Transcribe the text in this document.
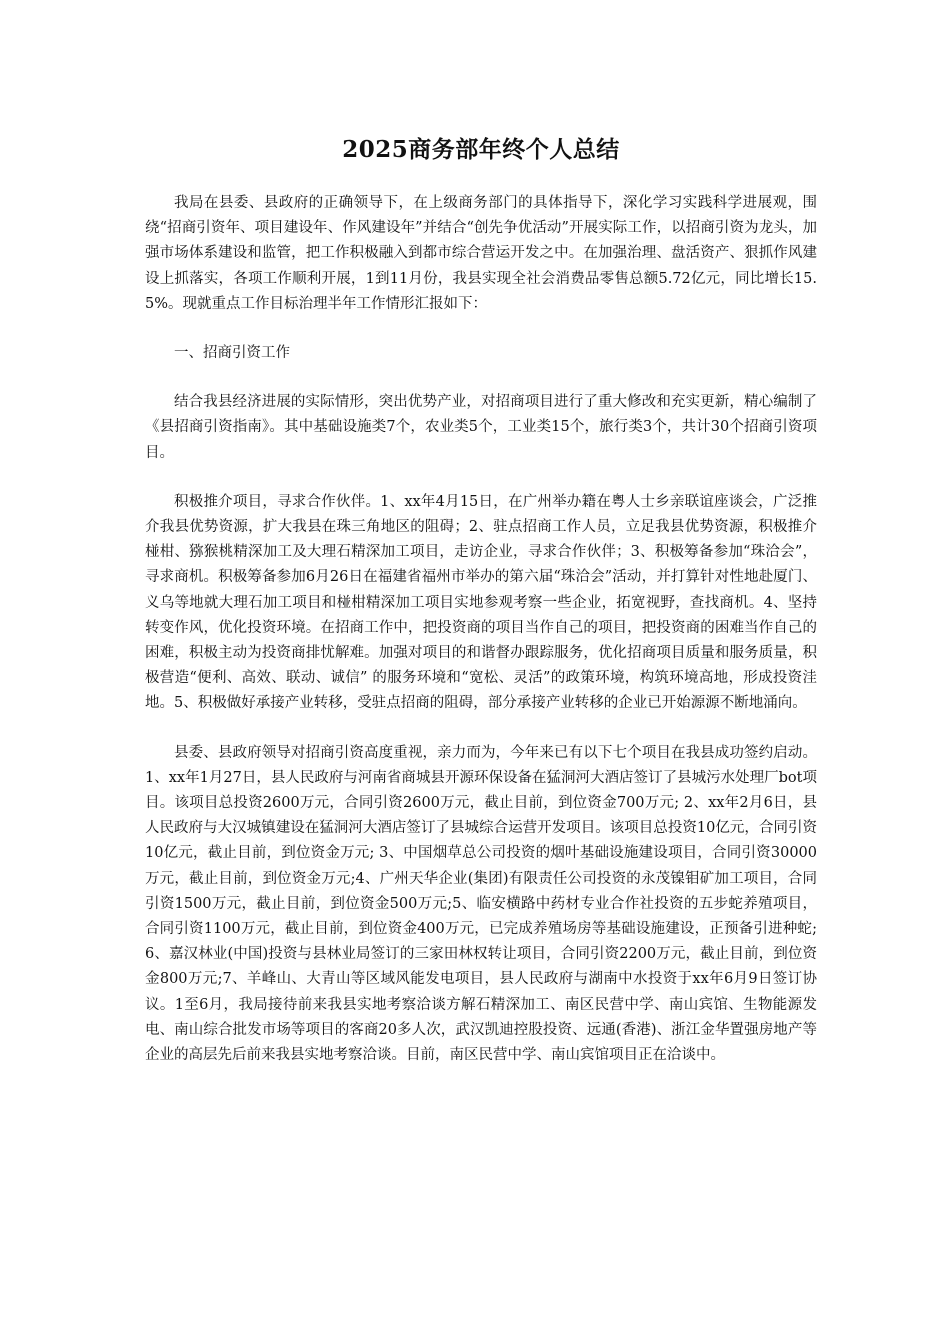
2025商务部年终个人总结

我局在县委、县政府的正确领导下，在上级商务部门的具体指导下，深化学习实践科学进展观，围绕“招商引资年、项目建设年、作风建设年”并结合“创先争优活动”开展实际工作，以招商引资为龙头，加强市场体系建设和监管，把工作积极融入到都市综合营运开发之中。在加强治理、盘活资产、狠抓作风建设上抓落实，各项工作顺利开展，1到11月份，我县实现全社会消费品零售总额5.72亿元，同比增长15.5%。现就重点工作目标治理半年工作情形汇报如下：

一、招商引资工作

结合我县经济进展的实际情形，突出优势产业，对招商项目进行了重大修改和充实更新，精心编制了《县招商引资指南》。其中基础设施类7个，农业类5个，工业类15个，旅行类3个，共计30个招商引资项目。

积极推介项目，寻求合作伙伴。1、xx年4月15日，在广州举办籍在粤人士乡亲联谊座谈会，广泛推介我县优势资源，扩大我县在珠三角地区的阻碍；2、驻点招商工作人员，立足我县优势资源，积极推介椪柑、猕猴桃精深加工及大理石精深加工项目，走访企业，寻求合作伙伴；3、积极筹备参加“珠洽会”，寻求商机。积极筹备参加6月26日在福建省福州市举办的第六届“珠洽会”活动，并打算针对性地赴厦门、义乌等地就大理石加工项目和椪柑精深加工项目实地参观考察一些企业，拓宽视野，查找商机。4、坚持转变作风，优化投资环境。在招商工作中，把投资商的项目当作自己的项目，把投资商的困难当作自己的困难，积极主动为投资商排忧解难。加强对项目的和谐督办跟踪服务，优化招商项目质量和服务质量，积极营造“便利、高效、联动、诚信” 的服务环境和“宽松、灵活”的政策环境，构筑环境高地，形成投资洼地。5、积极做好承接产业转移，受驻点招商的阻碍，部分承接产业转移的企业已开始源源不断地涌向。

县委、县政府领导对招商引资高度重视，亲力而为，今年来已有以下七个项目在我县成功签约启动。1、xx年1月27日，县人民政府与河南省商城县开源环保设备在猛洞河大酒店签订了县城污水处理厂bot项目。该项目总投资2600万元，合同引资2600万元，截止目前，到位资金700万元; 2、xx年2月6日，县人民政府与大汉城镇建设在猛洞河大酒店签订了县城综合运营开发项目。该项目总投资10亿元，合同引资10亿元，截止目前，到位资金万元; 3、中国烟草总公司投资的烟叶基础设施建设项目，合同引资30000万元，截止目前，到位资金万元;4、广州天华企业(集团)有限责任公司投资的永茂镍钼矿加工项目，合同引资1500万元，截止目前，到位资金500万元;5、临安横路中药材专业合作社投资的五步蛇养殖项目，合同引资1100万元，截止目前，到位资金400万元，已完成养殖场房等基础设施建设，正预备引进种蛇;6、嘉汉林业(中国)投资与县林业局签订的三家田林权转让项目，合同引资2200万元，截止目前，到位资金800万元;7、羊峰山、大青山等区域风能发电项目，县人民政府与湖南中水投资于xx年6月9日签订协议。1至6月，我局接待前来我县实地考察洽谈方解石精深加工、南区民营中学、南山宾馆、生物能源发电、南山综合批发市场等项目的客商20多人次，武汉凯迪控股投资、远通(香港)、浙江金华置强房地产等企业的高层先后前来我县实地考察洽谈。目前，南区民营中学、南山宾馆项目正在洽谈中。
